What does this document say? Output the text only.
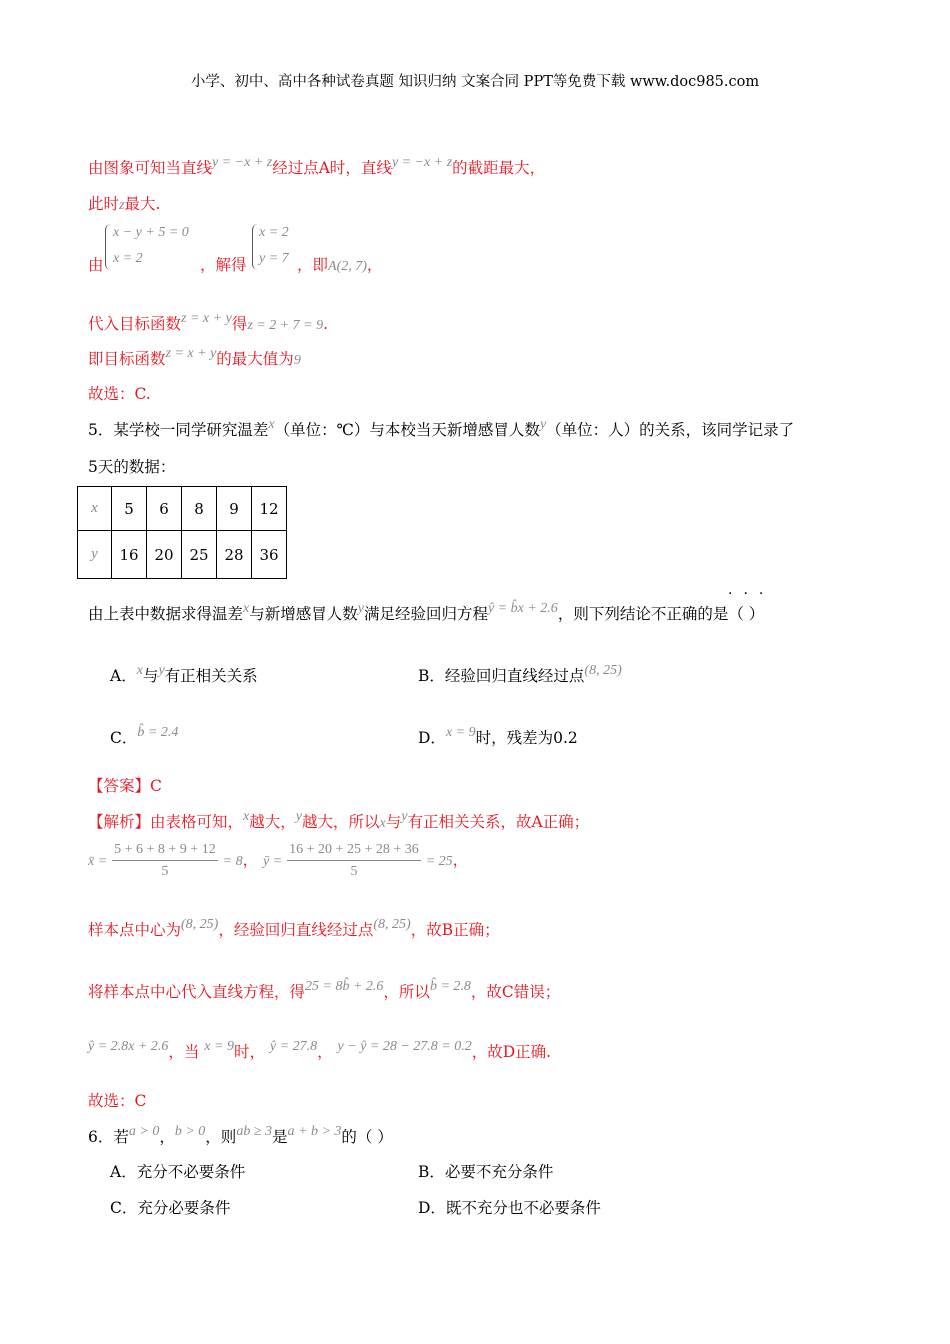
小学、初中、高中各种试卷真题 知识归纳 文案合同 PPT等免费下载 www.doc985.com
由图象可知当直线y = −x + z经过点A时，直线y = −x + z的截距最大，
此时z最大.
由
x − y + 5 = 0
x = 2	，解得
x = 2
y = 7 ，即A(2, 7)，
代入目标函数z = x + y得z = 2 + 7 = 9.
即目标函数z = x + y的最大值为9
故选：C.
5．某学校一同学研究温差x（单位：℃）与本校当天新增感冒人数y（单位：人）的关系，该同学记录了
5天的数据：
x	5	6	8	9	12
y	16	20	25	28	36
由上表中数据求得温差x与新增感冒人数y满足经验回归方程ŷ = b̂x + 2.6，则下列结论不正确的是（ ）
···
A．x与y有正相关关系	B．经验回归直线经过点(8, 25)
C．b̂ = 2.4	D．x = 9时，残差为0.2
【答案】C
【解析】由表格可知，x越大，y越大，所以x与y有正相关关系，故A正确；
x̄ = $\frac{5 + 6 + 8 + 9 + 12}{5} = 8$， ȳ = $\frac{16 + 20 + 25 + 28 + 36}{5} = 25$，
样本点中心为(8, 25)，经验回归直线经过点(8, 25)，故B正确；
将样本点中心代入直线方程，得25 = 8b̂ + 2.6，所以b̂ = 2.8，故C错误；
ŷ = 2.8x + 2.6，当 x = 9时， ŷ = 27.8， y − ŷ = 28 − 27.8 = 0.2，故D正确.
故选：C
6．若a > 0，b > 0，则ab ≥ 3是a + b > 3的（ ）
A．充分不必要条件	B．必要不充分条件
C．充分必要条件	D．既不充分也不必要条件
